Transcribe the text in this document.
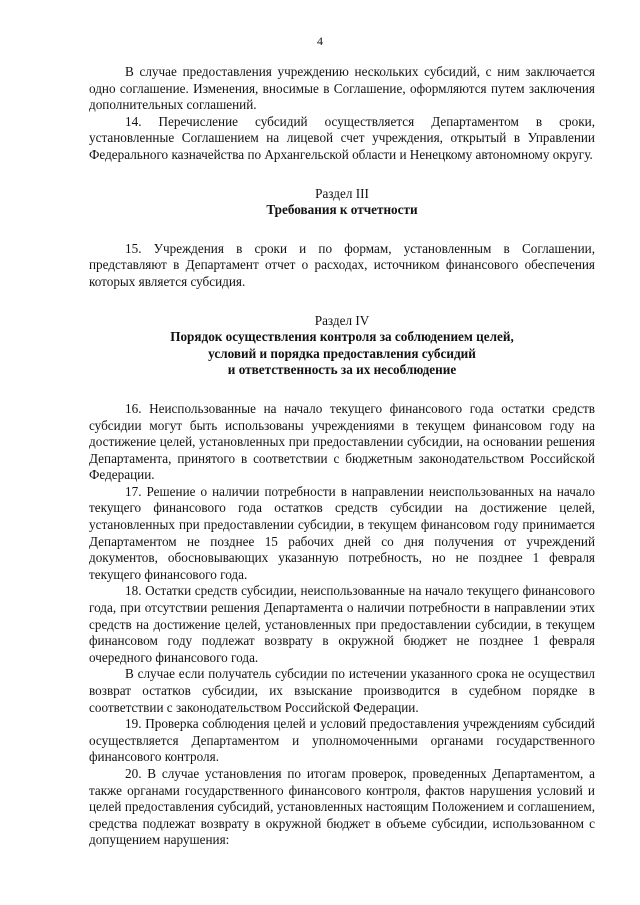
4

В случае предоставления учреждению нескольких субсидий, с ним заключается одно соглашение. Изменения, вносимые в Соглашение, оформляются путем заключения дополнительных соглашений.

14. Перечисление субсидий осуществляется Департаментом в сроки, установленные Соглашением на лицевой счет учреждения, открытый в Управлении Федерального казначейства по Архангельской области и Ненецкому автономному округу.

Раздел III

Требования к отчетности

15. Учреждения в сроки и по формам, установленным в Соглашении, представляют в Департамент отчет о расходах, источником финансового обеспечения которых является субсидия.

Раздел IV

Порядок осуществления контроля за соблюдением целей,

условий и порядка предоставления субсидий

и ответственность за их несоблюдение

16. Неиспользованные на начало текущего финансового года остатки средств субсидии могут быть использованы учреждениями в текущем финансовом году на достижение целей, установленных при предоставлении субсидии, на основании решения Департамента, принятого в соответствии с бюджетным законодательством Российской Федерации.

17. Решение о наличии потребности в направлении неиспользованных на начало текущего финансового года остатков средств субсидии на достижение целей, установленных при предоставлении субсидии, в текущем финансовом году принимается Департаментом не позднее 15 рабочих дней со дня получения от учреждений документов, обосновывающих указанную потребность, но не позднее 1 февраля текущего финансового года.

18. Остатки средств субсидии, неиспользованные на начало текущего финансового года, при отсутствии решения Департамента о наличии потребности в направлении этих средств на достижение целей, установленных при предоставлении субсидии, в текущем финансовом году подлежат возврату в окружной бюджет не позднее 1 февраля очередного финансового года.

В случае если получатель субсидии по истечении указанного срока не осуществил возврат остатков субсидии, их взыскание производится в судебном порядке в соответствии с законодательством Российской Федерации.

19. Проверка соблюдения целей и условий предоставления учреждениям субсидий осуществляется Департаментом и уполномоченными органами государственного финансового контроля.

20. В случае установления по итогам проверок, проведенных Департаментом, а также органами государственного финансового контроля, фактов нарушения условий и целей предоставления субсидий, установленных настоящим Положением и соглашением, средства подлежат возврату в окружной бюджет в объеме субсидии, использованном с допущением нарушения:
